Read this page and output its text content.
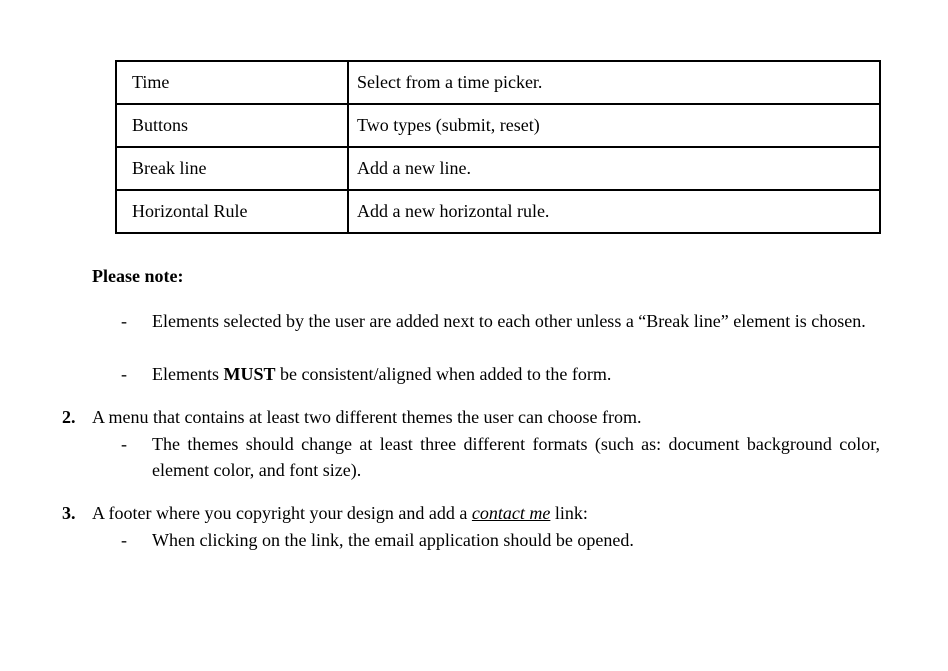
Time	Select from a time picker.
Buttons	Two types (submit, reset)
Break line	Add a new line.
Horizontal Rule	Add a new horizontal rule.

Please note:

- Elements selected by the user are added next to each other unless a “Break line” element is chosen.
- Elements MUST be consistent/aligned when added to the form.
2. A menu that contains at least two different themes the user can choose from.
- The themes should change at least three different formats (such as: document background color, element color, and font size).
3. A footer where you copyright your design and add a contact me link:
- When clicking on the link, the email application should be opened.
